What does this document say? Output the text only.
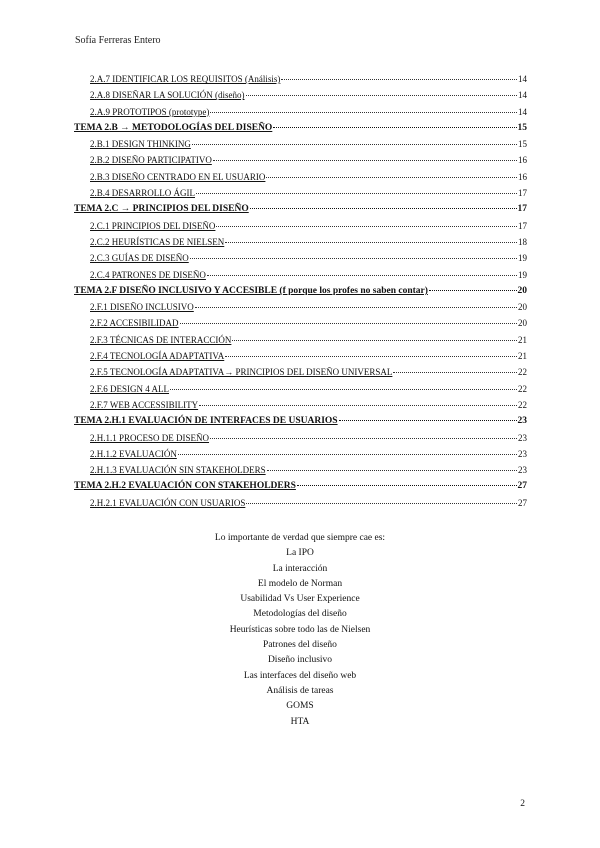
Sofía Ferreras Entero
2.A.7 IDENTIFICAR LOS REQUISITOS (Análisis)	14
2.A.8 DISEÑAR LA SOLUCIÓN (diseño)	14
2.A.9 PROTOTIPOS (prototype)	14
TEMA 2.B → METODOLOGÍAS DEL DISEÑO	15
2.B.1 DESIGN THINKING	15
2.B.2 DISEÑO PARTICIPATIVO	16
2.B.3 DISEÑO CENTRADO EN EL USUARIO	16
2.B.4 DESARROLLO ÁGIL	17
TEMA 2.C → PRINCIPIOS DEL DISEÑO	17
2.C.1 PRINCIPIOS DEL DISEÑO	17
2.C.2 HEURÍSTICAS DE NIELSEN	18
2.C.3 GUÍAS DE DISEÑO	19
2.C.4 PATRONES DE DISEÑO	19
TEMA 2.F DISEÑO INCLUSIVO Y ACCESIBLE (f porque los profes no saben contar)	20
2.F.1 DISEÑO INCLUSIVO	20
2.F.2 ACCESIBILIDAD	20
2.F.3 TÉCNICAS DE INTERACCIÓN	21
2.F.4 TECNOLOGÍA ADAPTATIVA	21
2.F.5 TECNOLOGÍA ADAPTATIVA→ PRINCIPIOS DEL DISEÑO UNIVERSAL	22
2.F.6 DESIGN 4 ALL	22
2.F.7 WEB ACCESSIBILITY	22
TEMA 2.H.1 EVALUACIÓN DE INTERFACES DE USUARIOS	23
2.H.1.1 PROCESO DE DISEÑO	23
2.H.1.2 EVALUACIÓN	23
2.H.1.3 EVALUACIÓN SIN STAKEHOLDERS	23
TEMA 2.H.2 EVALUACIÓN CON STAKEHOLDERS	27
2.H.2.1 EVALUACIÓN CON USUARIOS	27
Lo importante de verdad que siempre cae es:
La IPO
La interacción
El modelo de Norman
Usabilidad Vs User Experience
Metodologías del diseño
Heurísticas sobre todo las de Nielsen
Patrones del diseño
Diseño inclusivo
Las interfaces del diseño web
Análisis de tareas
GOMS
HTA
2
